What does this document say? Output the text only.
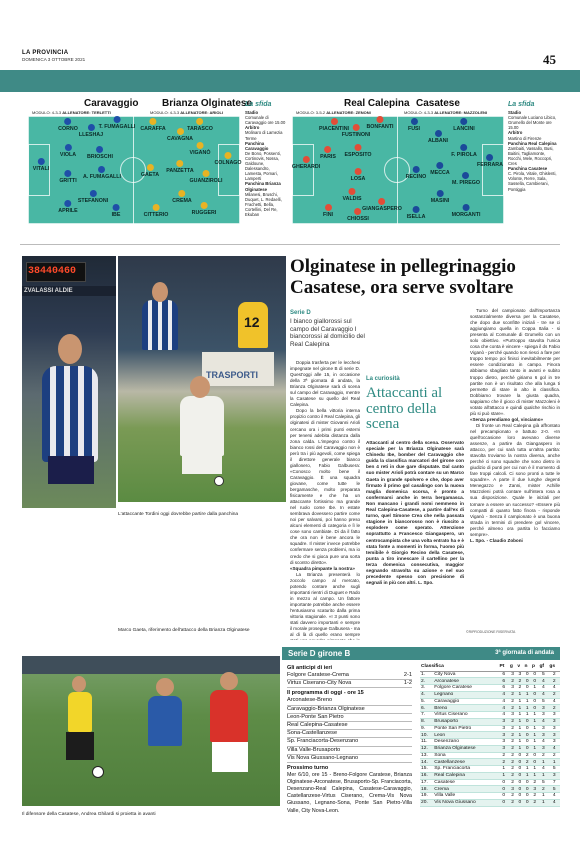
LA PROVINCIA
DOMENICA 3 OTTOBRE 2021	45
Caravaggio Brianza Olginatese
MODULO: 4-3-3 ALLENATORE: TERLETTI	MODULO: 4-3-3 ALLENATORE: ARIOLI
VITALI
CORNO
LLESHAJ
T. FUMAGALLI
VIOLA BRIOSCHI
GRITTI
A. FUMAGALLI
STEFANONI
APRILE
IBE
CARAFFA	TARASCO
CAVAGNA
VIGANÒ
COLNAGO
GAETA
PANZETTA
GUANZIROLI
CREMA
CITTERIO	RUGGERI
La sfida
Stadio
Comunale di Caravaggio ore 15.00
Arbitro
Molinaro di Lamezia Terme
Panchina Caravaggio
De Bono, Possenti, Cortinovis, Nossa, Galdoune, Dalessandro, Lamesta, Pomari, Lamperti
Panchina Brianza Olginatese
Milanesi, Bruschi, Duquet, L. Redaelli, Frachetti, Bella, Cortellini, Del Re, Ekuban
Real Calepina Casatese
MODULO: 3-5-2 ALLENATORE: ZENONI	MODULO: 4-3-3 ALLENATORE: MAZZOLENI
GHERARDI
PIACENTINI
FUSTINONI
BONFANTI
PARIS ESPOSITO
LOSA
VALDIS
FINI
CHIOSSI
GIANGASPERO
FUSI
ALBANI
LANCINI
F. PIROLA
FERRARA
RECINO
MECCA
M. PIREGO
MASINI
ISELLA	MORGANTI
La sfida
Stadio
Comunale Luciano Libico, Grumello del Monte ore 15.00
Arbitro
Martino di Firenze
Panchina Real Calepina
Zambaiti, Vassallo, Busi, Baitini, Tagliamonte, Rocchi, Mele, Roccopri, Cres
Panchina Casatese
C. Pirola, Vitale, Ghislenti, Volonte, Rerre, Sala, Sassella, Cambierani, Pontiggia
38440460
ZVALASSI ALDIE
L'attaccante Tordini oggi dovrebbe partire dalla panchina
TRASPORTI
12
Marco Gaeta, riferimento dell'attacco della Brianza Olginatese
Olginatese in pellegrinaggio Casatese, ora serve svoltare
Serie D
I bianco giallorossi sul campo del Caravaggio I biancorossi al domicilio del Real Calepina

Doppia trasferta per le lecchesi impegnate nel girone B di serie D. Quest'oggi alle 15, in occasione della 3ª giornata di andata, la Brianza Olginatese sarà di scena sul campo del Caravaggio, mentre la Casatese su quello del Real Calepina.

Dopo la bella vittoria interna propizio contro il Real Calepina, gli olginatesi di mister Giovanni Arioli cercano ora i primi punti esterni per tenersi adebita distanza dalla zona calda. L'impegno contro il bianco rossi del Caravaggio non è però tra i più agevoli, come spiega il direttore generale bianco giallonero, Fabio Galbusera: «Conosco molto bene il Caravaggio. È una squadra giovane, come tutte le bergamasche, molto preparata fisicamente e che ha un attaccante fortissimo ma grande nel ruolo come Ibe. In estate sembrava dovessero partire come noi per salvarsi, poi hanno preso alcuni elementi di categoria e lì le cose sono cambiate. Di da il fatto che ora non è bene ancora le squadre. Il mister invece potrebbe confermare senza problemi, ma io credo che si gioca pure una sorta di scontro diretto».

«Squadra pimpante la nostra»

La Brianza presenterà lo zoccolo campo al mercato, potendo contare anche sugli importanti rientri di Duguet e Rado in mezzo al campo. Un fattore importante potrebbe anche essere l'entusiasmo scaturito dalla prima vittoria stagionale. «I 3 punti sono stati davvero importanti e sempre il morale prosegue Galbusera - ma al di là di quello erano sempre

La curiosità
Attaccanti al centro della scena
Attaccanti al centro della scena. Osservato speciale per la Brianza Olginatese sarà Chinedu Ibe, bomber del Caravaggio che guida la classifica marcatori del girone con ben 4 reti in due gare disputate. Dal canto suo mister Arioli potrà contare su un Marco Gaeta in grande spolvero e che, dopo aver firmato il primo gol casalingo con la nuova maglia domenica scorsa, è pronto a confermarsi anche in terra bergamasca. Non mancano i grandi nomi nemmeno in Real Calepina-Casatese, a partire dall'ex di turno, quel Simone Crea che nella passata stagione in biancorosso non è riuscito a esplodere come sperato. Attenzione soprattutto a Francesco Giangaspero, un centrocampista che una volta entrato ha e è stata fonte a momenti in forma, l'uomo più temibile è Giorgio Recino della Casatese, punta a tiro innescare il cartellino per la terza domenica consecutiva, maggior segnando stravolta su azione e nel suo precedente spesso con precisione di segnali in più con altri. L. Spo.

Turno del campionato dall'importanza sostanzialmente diversa per la Casatese, che dopo due sconfitte iniziali - tre se ci aggiungiamo quella in Coppa Italia - si presenta al Comunale di Grumello con un solo obiettivo. «Purtroppo stavolta l'unica cosa che conta è vincere - spiega il ds Fabio Viganò - perché quando non riesci a fare per troppo tempo poi finisci inevitabilmente per essere condizionato in campo. Finora abbiamo sbagliato tanto in avanti e subito troppo dietro, perché giriamo 6 gol in tre partite non è un risultato che alla lunga ti permette di stare in alto in classifica. Dobbiamo trovare la giusta quadra, sappiamo che il gioco di mister Mazzoleni è votato all'attacco e quindi qualche rischio in più si può stare».

«Senza prendiamo gol, vinciamo»

Di fronte un Real Calepina già affrontato nel precampionato e battuto 2-0. «In quell'occasione loro avevano diverse assenze, a partire da Giangaspero in attacco, per cui sarà tutta un'altra partita: stavolta troviamo la nostra diversa, anche perché ci sono squadre che sono dietro in giudizio di punti per cui non è il momento di fare troppi calcoli. Ci sono pronti a tutte le squadre». A parte il due lunghe degenti Menegazzo e Zanni, mister Achille Mazzoleni potrà contare sull'intera rosa a sua disposizione. Quale le iniziali per tornare a essere un successo? «Essere più compatti di quanto fatto finora - risponde Viganò - Senza il campionato è una buona strada in termini di prendere gol vincere, perché almeno ora partita lo facciamo sempre».

L. Spo. - Claudio Zoboni
©RIPRODUZIONE RISERVATA
Il difensore della Casatese, Andrea Ghilardi si proietta in avanti
Serie D girone B	3ª giornata di andata
Gli anticipi di ieri
Folgore Caratese-Crema	2-1
Virtus Ciserano-City Nova	1-2
Il programma di oggi - ore 15
Arconatese-Breno
Caravaggio-Brianza Olginatese
Leon-Ponte San Pietro
Real Calepina-Casatese
Sona-Castellanzese
Sp. Franciacorta-Desenzano
Villa Valle-Brusaporto
Vis Nova Giussano-Legnano
Prossimo turno
Mer 6/10, ore 15 - Breno-Folgore Caratese, Brianza Olginatese-Arconatese, Brusaporto-Sp. Franciacorta, Desenzano-Real Calepina, Casatese-Caravaggio, Castellanzese-Virtus Ciserano, Crema-Vis Nova Giussano, Legnano-Sona, Ponte San Pietro-Villa Valle, City Nova-Leon.
Classifica		Pt	g	v	n	p	gf	gs
1.	City Nova	6	3	3	0	0	5	2
2.	Arconatese	6	2	2	0	0	4	2
3.	Folgore Caratese	6	3	2	0	1	4	4
4.	Legnano	4	2	1	1	0	4	2
5.	Caravaggio	4	2	1	1	0	5	4
6.	Breno	4	2	1	1	0	3	2
7.	Virtus Ciserano	4	3	1	1	1	3	3
8.	Brusaporto	3	2	1	0	1	4	3
9.	Ponte San Pietro	3	2	1	0	1	3	3
10.	Leon	3	2	1	0	1	3	3
11.	Desenzano	3	2	1	0	1	4	3
12.	Brianza Olginatese	3	2	1	0	1	3	4
13.	Sona	2	2	0	2	0	2	2
14.	Castellanzese	2	2	0	2	0	1	1
15.	Sp. Franciacorta	1	2	0	1	1	4	5
16.	Real Calepina	1	2	0	1	1	1	3
17.	Casatese	0	2	0	0	2	5	7
18.	Crema	0	3	0	0	3	2	5
19.	Villa Valle	0	2	0	0	2	1	4
20.	Vis Nova Giussano	0	2	0	0	2	1	4
